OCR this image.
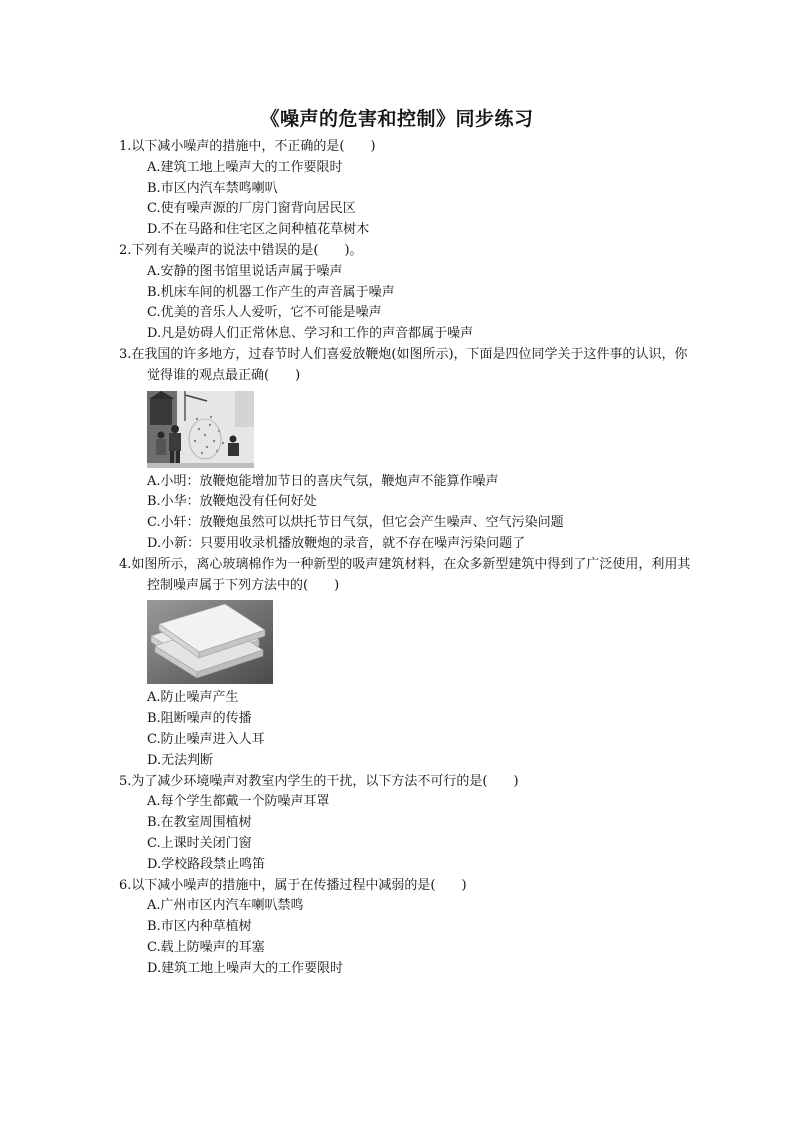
《噪声的危害和控制》同步练习
1.以下减小噪声的措施中，不正确的是(　　)
A.建筑工地上噪声大的工作要限时
B.市区内汽车禁鸣喇叭
C.使有噪声源的厂房门窗背向居民区
D.不在马路和住宅区之间种植花草树木
2.下列有关噪声的说法中错误的是(　　)。
A.安静的图书馆里说话声属于噪声
B.机床车间的机器工作产生的声音属于噪声
C.优美的音乐人人爱听，它不可能是噪声
D.凡是妨碍人们正常休息、学习和工作的声音都属于噪声
3.在我国的许多地方，过春节时人们喜爱放鞭炮(如图所示)，下面是四位同学关于这件事的认识，你觉得谁的观点最正确(　　)
A.小明：放鞭炮能增加节日的喜庆气氛，鞭炮声不能算作噪声
B.小华：放鞭炮没有任何好处
C.小轩：放鞭炮虽然可以烘托节日气氛，但它会产生噪声、空气污染问题
D.小新：只要用收录机播放鞭炮的录音，就不存在噪声污染问题了
4.如图所示，离心玻璃棉作为一种新型的吸声建筑材料，在众多新型建筑中得到了广泛使用，利用其控制噪声属于下列方法中的(　　)
A.防止噪声产生
B.阻断噪声的传播
C.防止噪声进入人耳
D.无法判断
5.为了减少环境噪声对教室内学生的干扰，以下方法不可行的是(　　)
A.每个学生都戴一个防噪声耳罩
B.在教室周围植树
C.上课时关闭门窗
D.学校路段禁止鸣笛
6.以下减小噪声的措施中，属于在传播过程中减弱的是(　　)
A.广州市区内汽车喇叭禁鸣
B.市区内种草植树
C.载上防噪声的耳塞
D.建筑工地上噪声大的工作要限时
